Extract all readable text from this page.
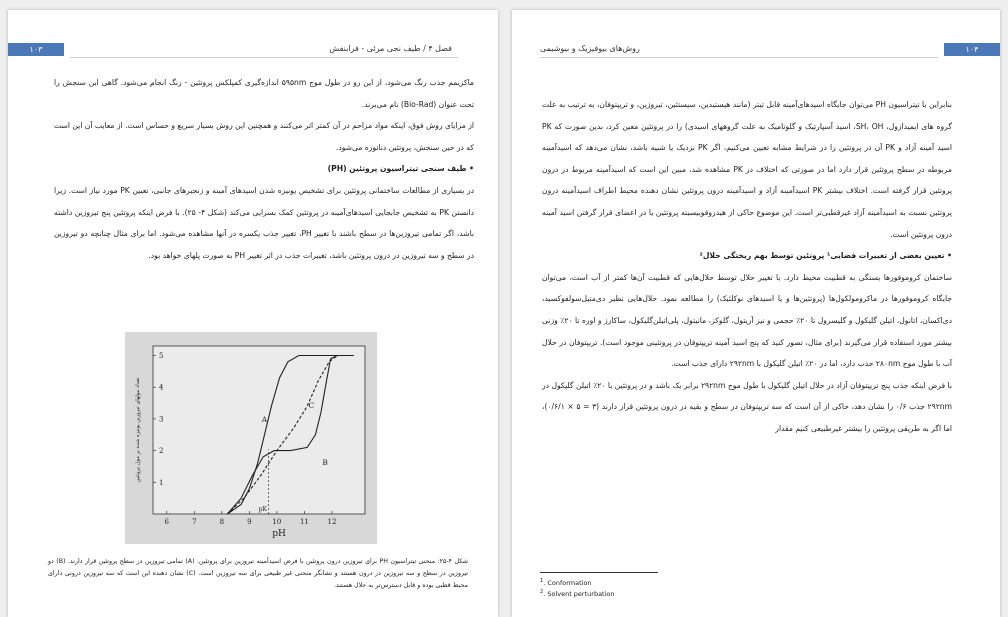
۱۰۳	فصل ۴ / طیف نجی مرئی - فرابنفش

ماکزیمم جذب رنگ می‌شود، از این رو در طول موج ۵۹۵nm اندازه‌گیری کمپلکس پروتئین - رنگ انجام می‌شود. گاهی این سنجش را تحت عنوان (Bio-Rad) نام می‌برند.

از مزایای روش فوق، اینکه مواد مزاحم در آن کمتر اثر می‌کنند و همچنین این روش بسیار سریع و حساس است. از معایب آن این است که در حین سنجش، پروتئین دناتوره می‌شود.

• طیف سنجی تیتراسیون پروتئین (PH)

در بسیاری از مطالعات ساختمانی پروتئین برای تشخیص یونیزه شدن اسیدهای آمینه و زنجیرهای جانبی، تعیین PK مورد نیاز است. زیرا دانستن PK به تشخیص جابجایی اسیدهای‌آمینه در پروتئین کمک بسزایی می‌کند (شکل ۴- ۲۵). با فرض اینکه پروتئین پنج تیروزین داشته باشد، اگر تمامی تیروزین‌ها در سطح باشند با تغییر PH، تغییر جذب یکسره در آنها مشاهده می‌شود. اما برای مثال چنانچه دو تیروزین در سطح و سه تیروزین در درون پروتئین باشد، تغییرات جذب در اثر تغییر PH به صورت پلهای خواهد بود.

6	7	8	9	10	11	12
1
2
3
4
5
A
B
C
pH
تعداد مولهای تیروزین یونیزه شده بر مول پروتئین
pK
شکل ۴-۲۵: منحنی تیتراسیون PH برای تیروزین درون پروتئین با فرض اسیدآمینه تیروزین برای پروتئین. (A) تمامی تیروزین در سطح پروتئین قرار دارند. (B) دو تیروزین در سطح و سه تیروزین در درون هستند و تشانگر منحنی غیر طبیعی برای سه تیروزین است. (C) نشان دهنده این است که سه تیروزین درونی دارای محیط قطبی بوده و قابل دسترس‌تر به حلال هستند.
۱۰۴
روش‌های بیوفیزیک و بیوشیمی

بنابراین با تیتراسیون PH می‌توان جایگاه اسیدهای‌آمینه قابل تیتر (مانند هیستیدین، سیستئین، تیروزین، و تریپتوفان، به ترتیب به علت گروه های ایمیدازول، SH، OH، اسید آسپارتیک و گلوتامیک به علت گروههای اسیدی) را در پروتئین معین کرد، بدین صورت که PK اسید آمینه آزاد و PK آن در پروتئین را در شرایط مشابه تعیین می‌کنیم، اگر PK نزدیک یا شبیه باشد، نشان می‌دهد که اسیدآمینه مربوطه در سطح پروتئین قرار دارد اما در صورتی که اختلاف در PK مشاهده شد، مبین این است که اسیدآمینه مربوط در درون پروتئین قرار گرفته است. اختلاف بیشتر PK اسیدآمینه آزاد و اسیدآمینه درون پروتئین نشان دهنده محیط اطراف اسیدآمینه درون پروتئین نسبت به اسیدآمینه آزاد غیرقطبی‌تر است. این موضوع حاکی از هیدروفوبیسیته پروتئین یا در اعضای قرار گرفتن اسید آمینه درون پروتئین است.

• تعیین بعضی از تغییرات فضایی¹ پروتئین توسط بهم ریختگی حلال²

ساختمان کروموفورها بستگی به قطبیت محیط دارد. با تغییر حلال توسط حلال‌هایی که قطبیت آن‌ها کمتر از آب است، می‌توان جایگاه کروموفورها در ماکرومولکول‌ها (پروتئین‌ها و یا اسیدهای نوکلئیک) را مطالعه نمود. حلال‌هایی نظیر دی‌متیل‌سولفوکسید، دی‌اکسان، اتانول، اتیلن گلیکول و گلیسرول تا ۲۰٪ حجمی و نیز آریتول، گلوکز، مانیتول، پلی‌اتیلن‌گلیکول، ساکارز و اوره تا ۲۰٪ وزنی بیشتر مورد استفاده قرار می‌گیرند (برای مثال، تصور کنید که پنج اسید آمینه تریپتوفان در پروتئینی موجود است). تریپتوفان در حلال آب با طول موج ۲۸۰nm جذب دارد، اما در ۲۰٪ اتیلن گلیکول با ۲۹۲nm دارای جذب است.

با فرض اینکه جذب پنج تریپتوفان آزاد در حلال اتیلن گلیکول با طول موج ۲۹۲nm برابر یک باشد و در پروتئین با ۲۰٪ اتیلن گلیکول در ۲۹۲nm جذب ۰/۶ را نشان دهد، حاکی از آن است که سه تریپتوفان در سطح و بقیه در درون پروتئین قرار دارند (۳ = ۵ × ۰/۶/۱)، اما اگر به طریقی پروتئین را بیشتر غیرطبیعی کنیم مقدار

$^1$. Conformation
$^2$. Solvent perturbation
